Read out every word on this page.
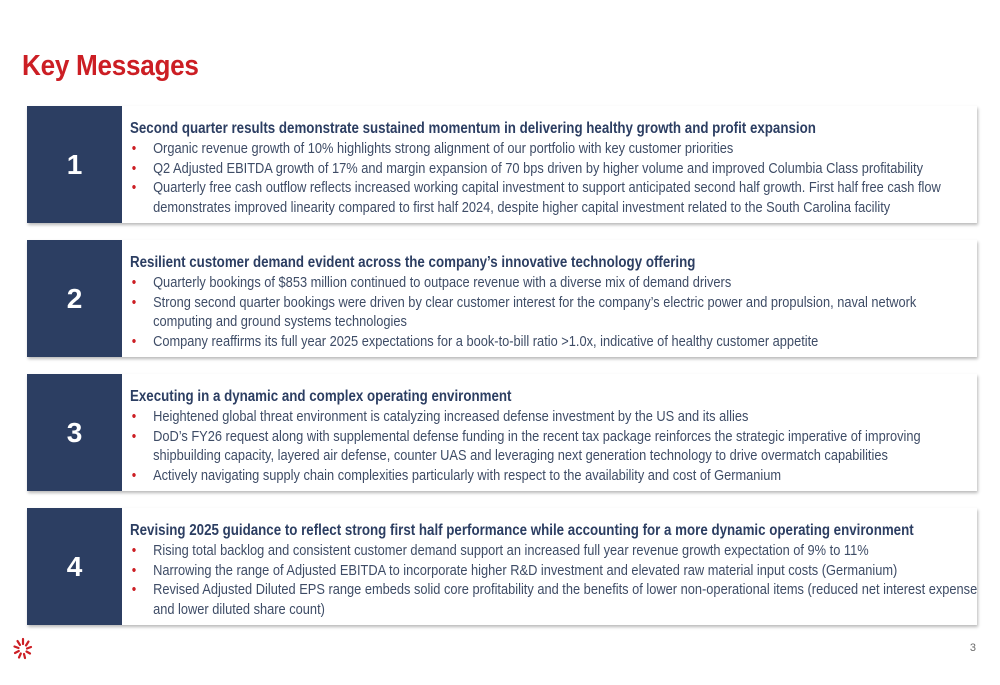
Key Messages
1
Second quarter results demonstrate sustained momentum in delivering healthy growth and profit expansion
• Organic revenue growth of 10% highlights strong alignment of our portfolio with key customer priorities
• Q2 Adjusted EBITDA growth of 17% and margin expansion of 70 bps driven by higher volume and improved Columbia Class profitability
• Quarterly free cash outflow reflects increased working capital investment to support anticipated second half growth. First half free cash flow demonstrates improved linearity compared to first half 2024, despite higher capital investment related to the South Carolina facility
2
Resilient customer demand evident across the company’s innovative technology offering
• Quarterly bookings of $853 million continued to outpace revenue with a diverse mix of demand drivers
• Strong second quarter bookings were driven by clear customer interest for the company’s electric power and propulsion, naval network computing and ground systems technologies
• Company reaffirms its full year 2025 expectations for a book-to-bill ratio >1.0x, indicative of healthy customer appetite
3
Executing in a dynamic and complex operating environment
• Heightened global threat environment is catalyzing increased defense investment by the US and its allies
• DoD’s FY26 request along with supplemental defense funding in the recent tax package reinforces the strategic imperative of improving shipbuilding capacity, layered air defense, counter UAS and leveraging next generation technology to drive overmatch capabilities
• Actively navigating supply chain complexities particularly with respect to the availability and cost of Germanium
4
Revising 2025 guidance to reflect strong first half performance while accounting for a more dynamic operating environment
• Rising total backlog and consistent customer demand support an increased full year revenue growth expectation of 9% to 11%
• Narrowing the range of Adjusted EBITDA to incorporate higher R&D investment and elevated raw material input costs (Germanium)
• Revised Adjusted Diluted EPS range embeds solid core profitability and the benefits of lower non-operational items (reduced net interest expense and lower diluted share count)
3
